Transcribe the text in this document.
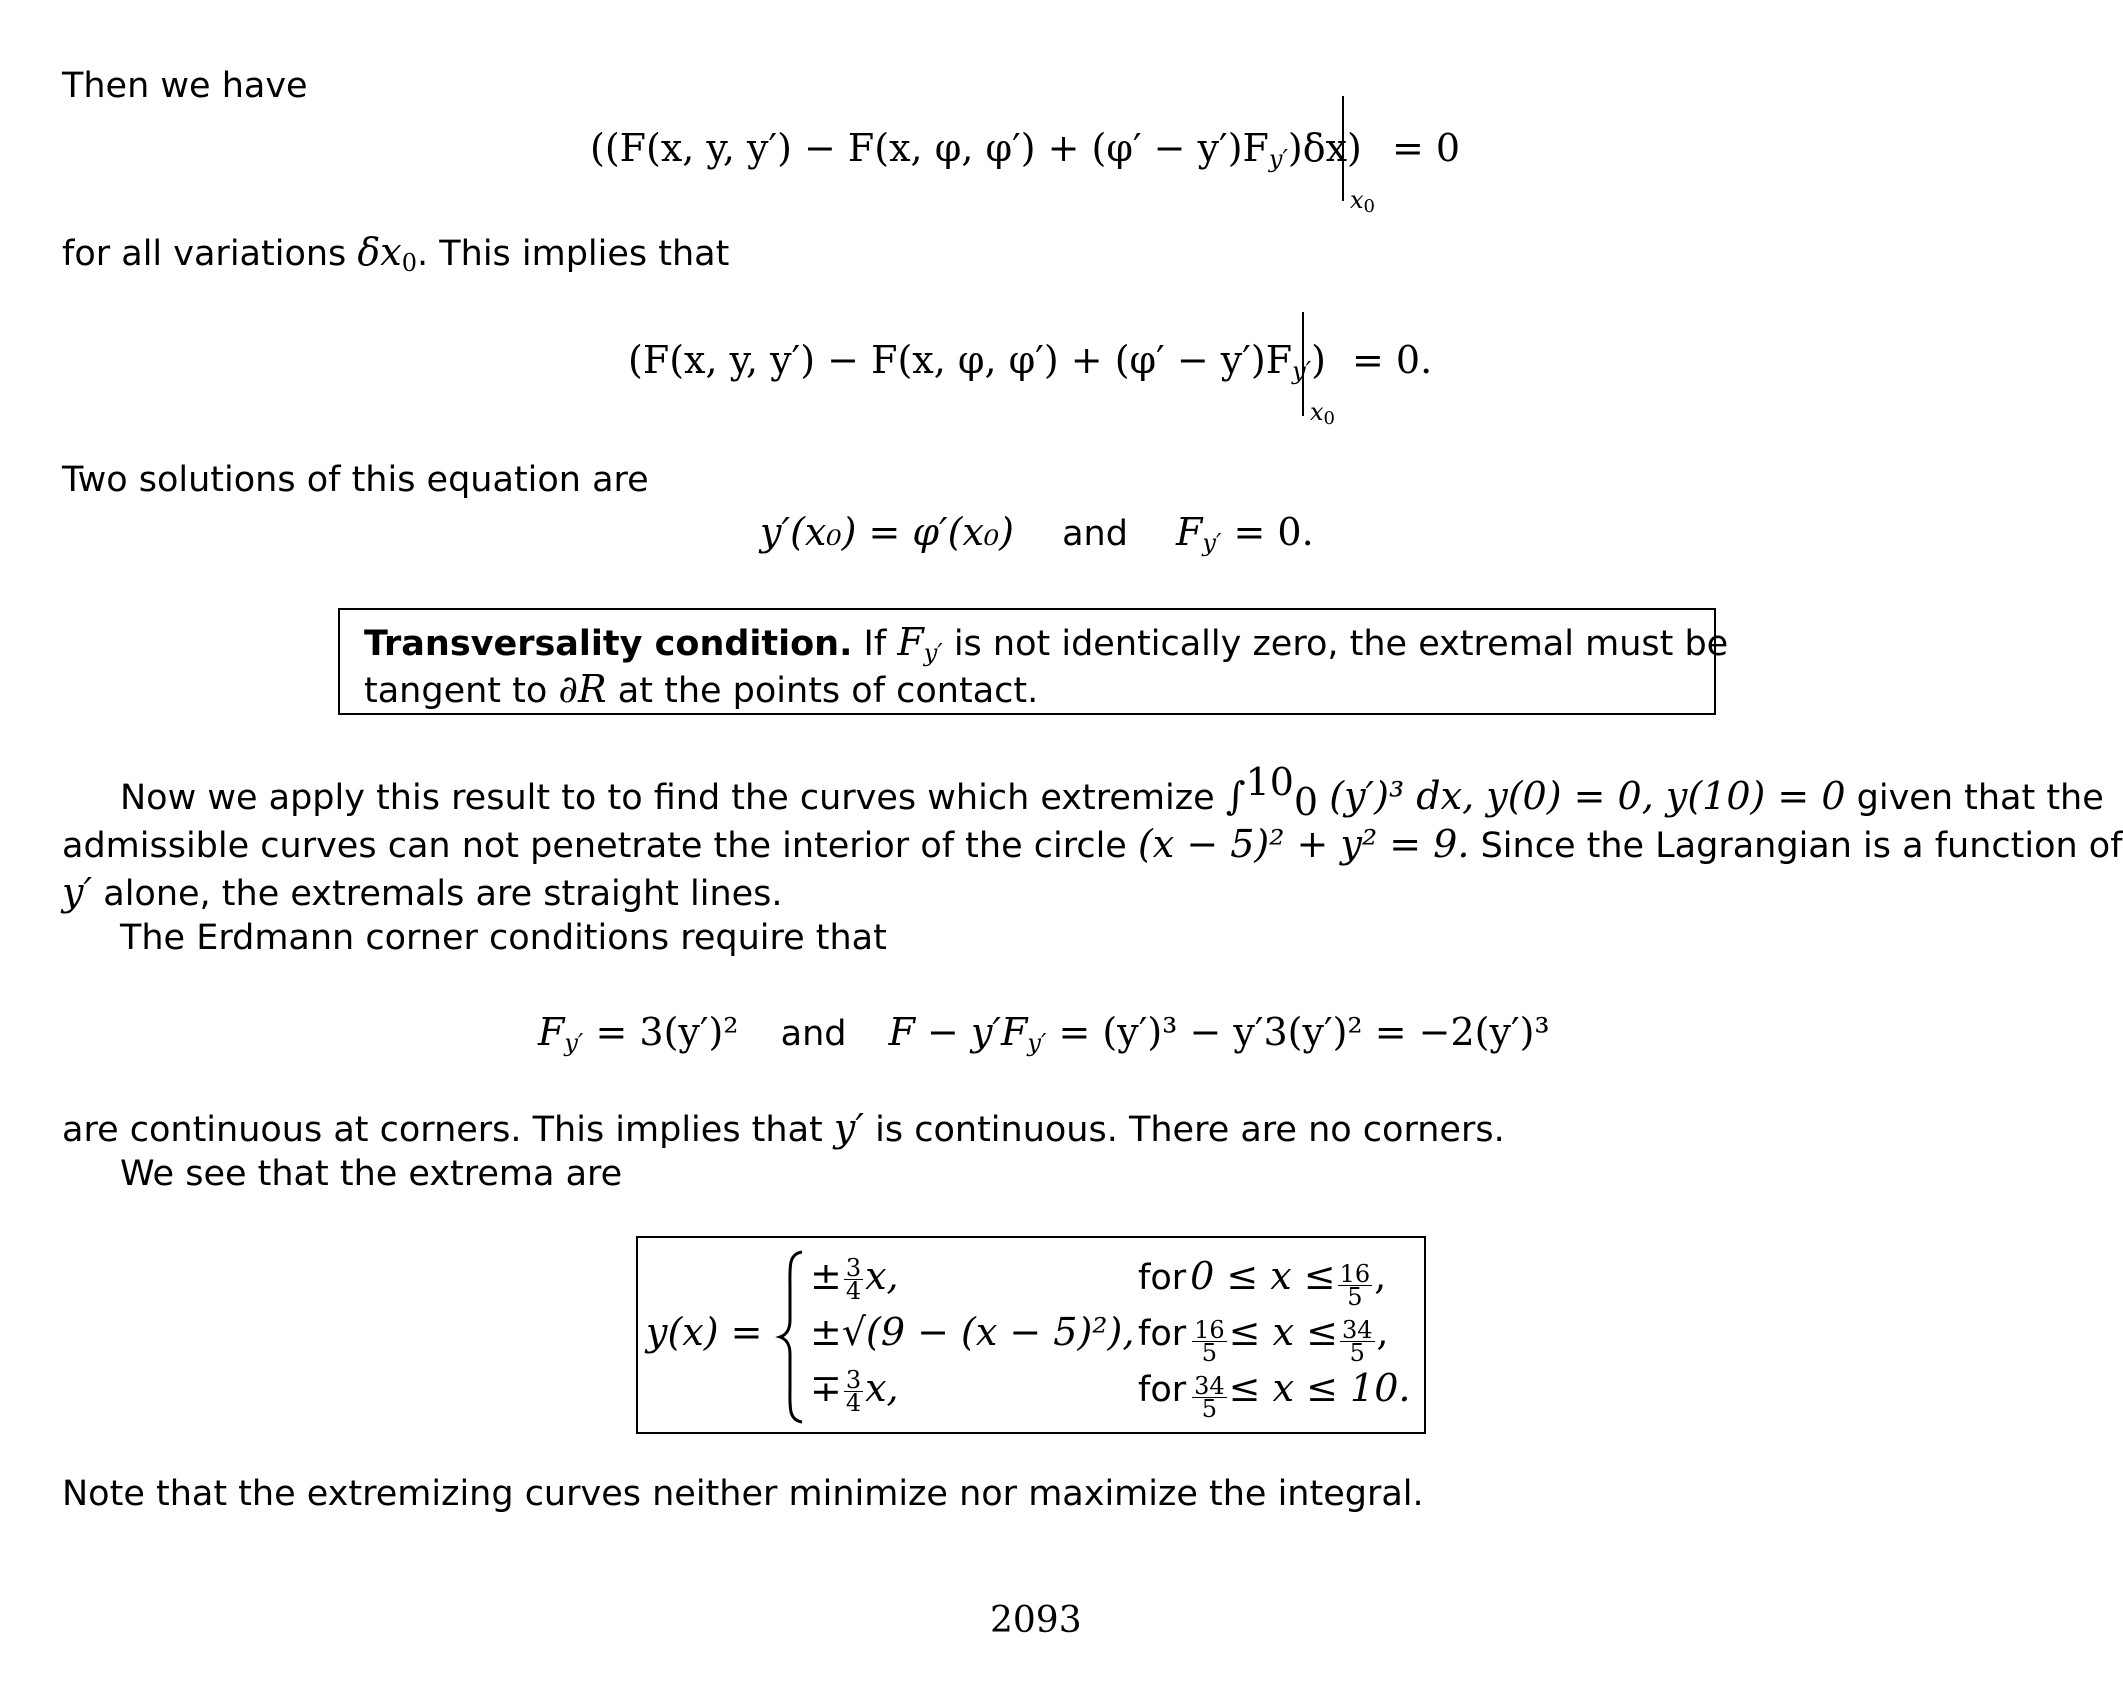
Then we have
((F(x, y, y′) − F(x, φ, $\varphi') + (\varphi' - y')F_{y'})\delta x$)
x0
= 0
for all variations $\delta x_0$. This implies that
(F(x, y, y′) − F(x, φ, $\varphi') + (\varphi' - y')F_{y'}$)
x0
= 0.
Two solutions of this equation are
y′(x₀) = φ′(x₀) and $F_{y'} = 0$.
Transversality condition. If $F_{y'}$ is not identically zero, the extremal must be
tangent to ∂R at the points of contact.
Now we apply this result to to find the curves which extremize ∫$^{10}_0$ (y′)³ dx, y(0) = 0, y(10) = 0 given that the
admissible curves can not penetrate the interior of the circle (x − 5)² + y² = 9. Since the Lagrangian is a function of
y′ alone, the extremals are straight lines.
The Erdmann corner conditions require that
$F_{y'} = 3(y')^2$ and $F - y'F_{y'} = (y')^3 - y'3(y')^2 = -2(y')^3$
are continuous at corners. This implies that y′ is continuous. There are no corners.
We see that the extrema are
y(x) =
± $\frac{3}{4} x$,
±√(9 − (x − 5)²),
∓ $\frac{3}{4} x$,
for $0 \le x \le \frac{16}{5}$ ,
for $\frac{16}{5} \le x \le \frac{34}{5}$ ,
for $\frac{34}{5} \le x \le 10$.
Note that the extremizing curves neither minimize nor maximize the integral.
2093
